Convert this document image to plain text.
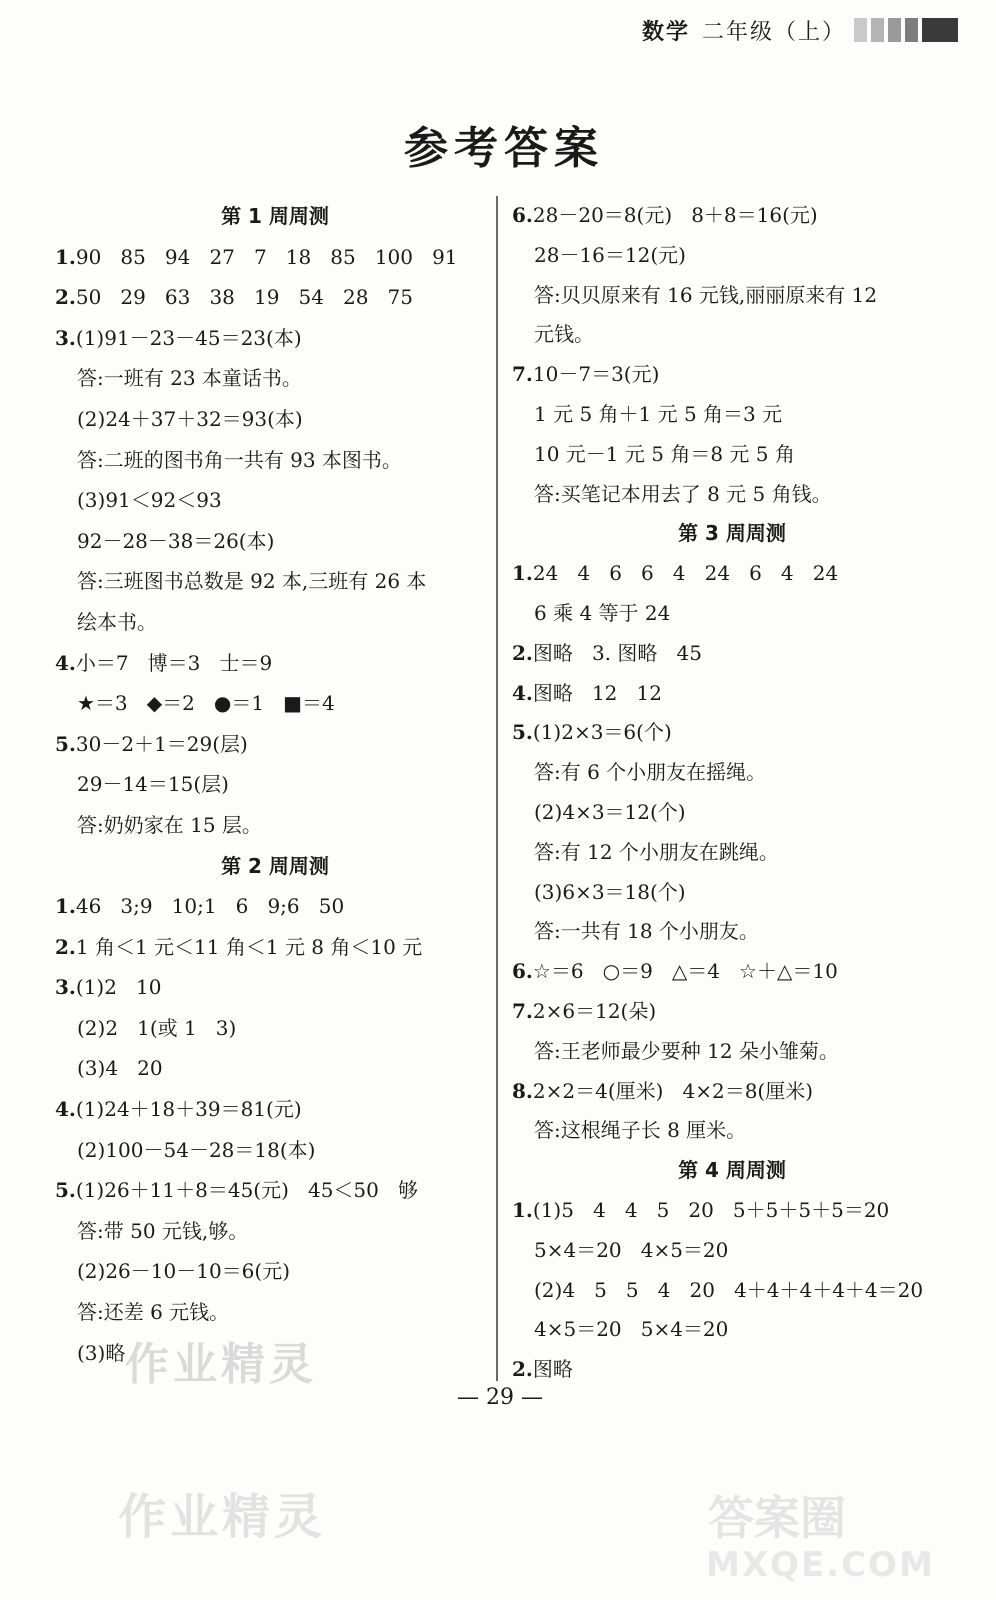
数学 二年级（上）
参考答案
第 1 周周测
1.90   85   94   27   7   18   85   100   91
2.50   29   63   38   19   54   28   75
3.(1)91－23－45＝23(本)
答:一班有 23 本童话书。
(2)24＋37＋32＝93(本)
答:二班的图书角一共有 93 本图书。
(3)91＜92＜93
92－28－38＝26(本)
答:三班图书总数是 92 本,三班有 26 本
绘本书。
4.小＝7   博＝3   士＝9
★＝3   ◆＝2   ●＝1   ■＝4
5.30－2＋1＝29(层)
29－14＝15(层)
答:奶奶家在 15 层。
第 2 周周测
1.46   3;9   10;1   6   9;6   50
2.1 角＜1 元＜11 角＜1 元 8 角＜10 元
3.(1)2   10
(2)2   1(或 1   3)
(3)4   20
4.(1)24＋18＋39＝81(元)
(2)100－54－28＝18(本)
5.(1)26＋11＋8＝45(元)   45＜50   够
答:带 50 元钱,够。
(2)26－10－10＝6(元)
答:还差 6 元钱。
(3)略
6.28－20＝8(元)   8＋8＝16(元)
28－16＝12(元)
答:贝贝原来有 16 元钱,丽丽原来有 12
元钱。
7.10－7＝3(元)
1 元 5 角＋1 元 5 角＝3 元
10 元－1 元 5 角＝8 元 5 角
答:买笔记本用去了 8 元 5 角钱。
第 3 周周测
1.24   4   6   6   4   24   6   4   24
6 乘 4 等于 24
2.图略   3. 图略   45
4.图略   12   12
5.(1)2×3＝6(个)
答:有 6 个小朋友在摇绳。
(2)4×3＝12(个)
答:有 12 个小朋友在跳绳。
(3)6×3＝18(个)
答:一共有 18 个小朋友。
6.☆＝6   ○＝9   △＝4   ☆＋△＝10
7.2×6＝12(朵)
答:王老师最少要种 12 朵小雏菊。
8.2×2＝4(厘米)   4×2＝8(厘米)
答:这根绳子长 8 厘米。
第 4 周周测
1.(1)5   4   4   5   20   5＋5＋5＋5＝20
5×4＝20   4×5＝20
(2)4   5   5   4   20   4＋4＋4＋4＋4＝20
4×5＝20   5×4＝20
2.图略
— 29 —
作业精灵
作业精灵	答案圈
MXQE.COM
